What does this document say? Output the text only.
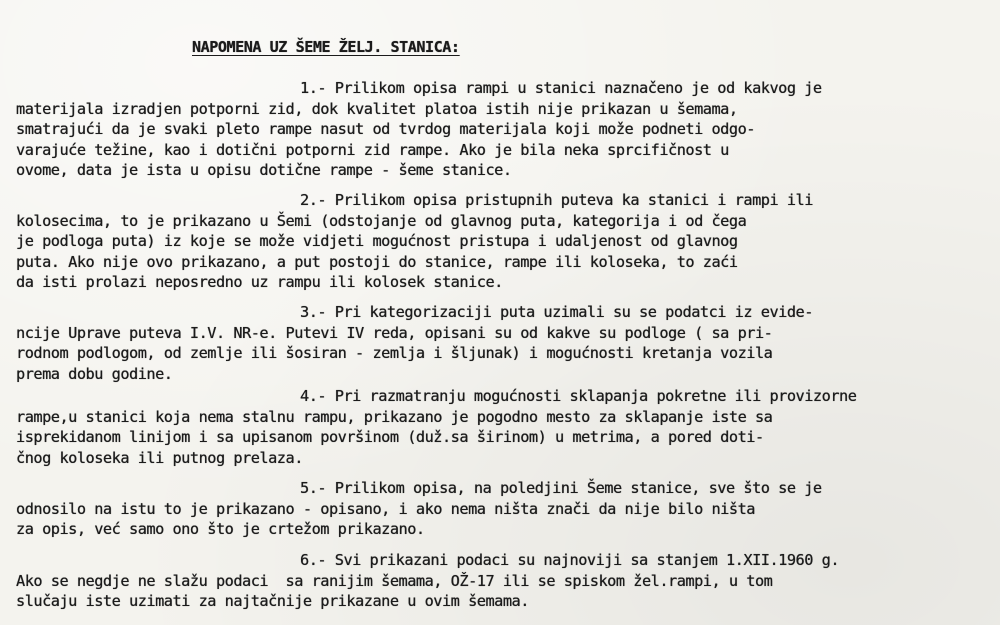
NAPOMENA UZ ŠEME ŽELJ. STANICA:
1.- Prilikom opisa rampi u stanici naznačeno je od kakvog je
materijala izradjen potporni zid, dok kvalitet platoa istih nije prikazan u šemama,
smatrajući da je svaki pleto rampe nasut od tvrdog materijala koji može podneti odgo-
varajuće težine, kao i dotični potporni zid rampe. Ako je bila neka sprcifičnost u
ovome, data je ista u opisu dotične rampe - šeme stanice.
2.- Prilikom opisa pristupnih puteva ka stanici i rampi ili
kolosecima, to je prikazano u Šemi (odstojanje od glavnog puta, kategorija i od čega
je podloga puta) iz koje se može vidjeti mogućnost pristupa i udaljenost od glavnog
puta. Ako nije ovo prikazano, a put postoji do stanice, rampe ili koloseka, to zaći
da isti prolazi neposredno uz rampu ili kolosek stanice.
3.- Pri kategorizaciji puta uzimali su se podatci iz evide-
ncije Uprave puteva I.V. NR-e. Putevi IV reda, opisani su od kakve su podloge ( sa pri-
rodnom podlogom, od zemlje ili šosiran - zemlja i šljunak) i mogućnosti kretanja vozila
prema dobu godine.
4.- Pri razmatranju mogućnosti sklapanja pokretne ili provizorne
rampe,u stanici koja nema stalnu rampu, prikazano je pogodno mesto za sklapanje iste sa
isprekidanom linijom i sa upisanom površinom (duž.sa širinom) u metrima, a pored doti-
čnog koloseka ili putnog prelaza.
5.- Prilikom opisa, na poledjini Šeme stanice, sve što se je
odnosilo na istu to je prikazano - opisano, i ako nema ništa znači da nije bilo ništa
za opis, već samo ono što je crtežom prikazano.
6.- Svi prikazani podaci su najnoviji sa stanjem 1.XII.1960 g.
Ako se negdje ne slažu podaci  sa ranijim šemama, OŽ-17 ili se spiskom žel.rampi, u tom
slučaju iste uzimati za najtačnije prikazane u ovim šemama.
